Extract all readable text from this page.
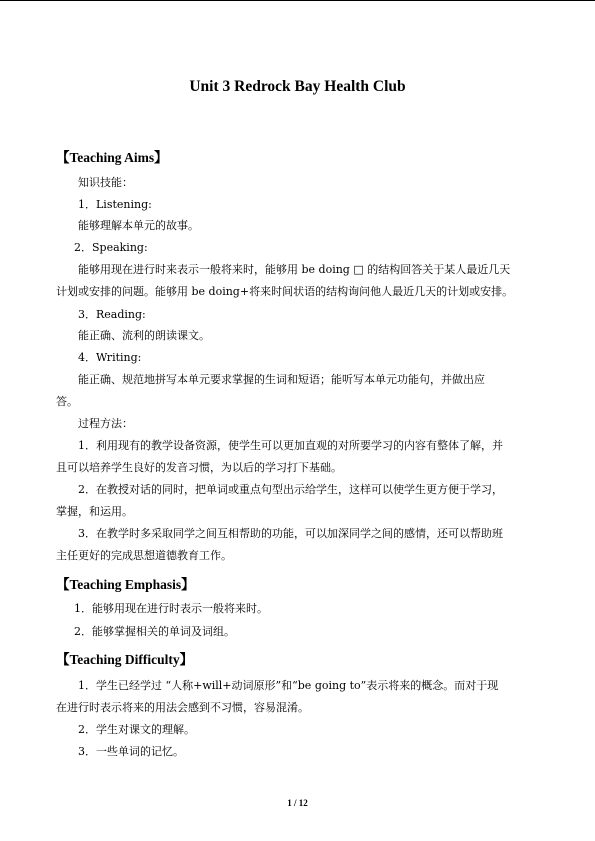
Unit 3 Redrock Bay Health Club
【Teaching Aims】
知识技能：
1．Listening:
能够理解本单元的故事。
2．Speaking:
能够用现在进行时来表示一般将来时，能够用 be doing □ 的结构回答关于某人最近几天
计划或安排的问题。能够用 be doing+将来时间状语的结构询问他人最近几天的计划或安排。
3．Reading:
能正确、流利的朗读课文。
4．Writing:
能正确、规范地拼写本单元要求掌握的生词和短语；能听写本单元功能句，并做出应
答。
过程方法：
1．利用现有的教学设备资源，使学生可以更加直观的对所要学习的内容有整体了解，并
且可以培养学生良好的发音习惯，为以后的学习打下基础。
2．在教授对话的同时，把单词或重点句型出示给学生，这样可以使学生更方便于学习，
掌握，和运用。
3．在教学时多采取同学之间互相帮助的功能，可以加深同学之间的感情，还可以帮助班
主任更好的完成思想道德教育工作。
【Teaching Emphasis】
1．能够用现在进行时表示一般将来时。
2．能够掌握相关的单词及词组。
【Teaching Difficulty】
1．学生已经学过 “人称+will+动词原形”和“be going to”表示将来的概念。而对于现
在进行时表示将来的用法会感到不习惯，容易混淆。
2．学生对课文的理解。
3．一些单词的记忆。
1 / 12
